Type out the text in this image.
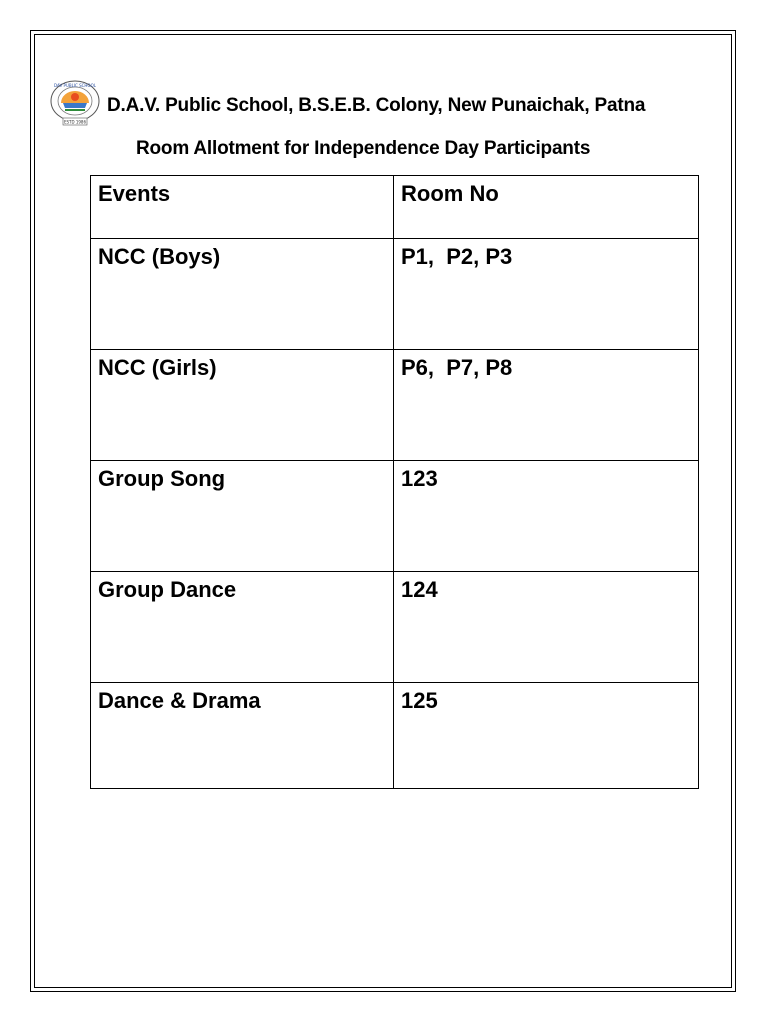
DAV PUBLIC SCHOOL
ESTD 1986
D.A.V. Public School, B.S.E.B. Colony, New Punaichak, Patna
Room Allotment for Independence Day Participants
Events	Room No
NCC (Boys)	P1,  P2, P3
NCC (Girls)	P6,  P7, P8
Group Song	123
Group Dance	124
Dance & Drama	125
